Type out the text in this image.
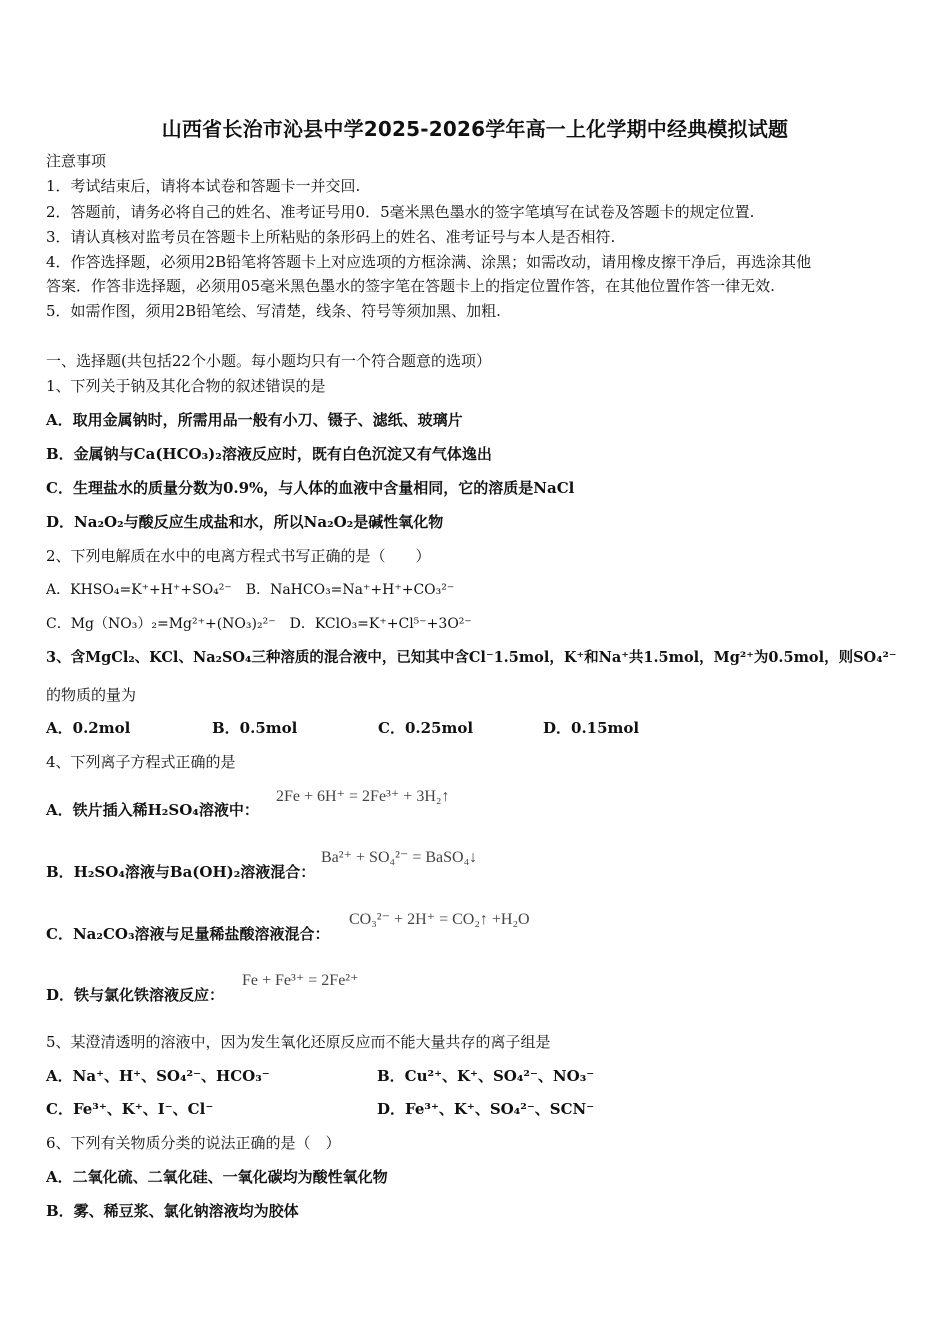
山西省长治市沁县中学2025-2026学年高一上化学期中经典模拟试题
注意事项
1．考试结束后，请将本试卷和答题卡一并交回.
2．答题前，请务必将自己的姓名、准考证号用0．5毫米黑色墨水的签字笔填写在试卷及答题卡的规定位置.
3．请认真核对监考员在答题卡上所粘贴的条形码上的姓名、准考证号与本人是否相符.
4．作答选择题，必须用2B铅笔将答题卡上对应选项的方框涂满、涂黑；如需改动，请用橡皮擦干净后，再选涂其他
答案．作答非选择题，必须用05毫米黑色墨水的签字笔在答题卡上的指定位置作答，在其他位置作答一律无效.
5．如需作图，须用2B铅笔绘、写清楚，线条、符号等须加黑、加粗.
一、选择题(共包括22个小题。每小题均只有一个符合题意的选项）
1、下列关于钠及其化合物的叙述错误的是
A．取用金属钠时，所需用品一般有小刀、镊子、滤纸、玻璃片
B．金属钠与Ca(HCO₃)₂溶液反应时，既有白色沉淀又有气体逸出
C．生理盐水的质量分数为0.9%，与人体的血液中含量相同，它的溶质是NaCl
D．Na₂O₂与酸反应生成盐和水，所以Na₂O₂是碱性氧化物
2、下列电解质在水中的电离方程式书写正确的是（　　）
A．KHSO₄=K⁺+H⁺+SO₄²⁻　B．NaHCO₃=Na⁺+H⁺+CO₃²⁻
C．Mg（NO₃）₂=Mg²⁺+(NO₃)₂²⁻　D．KClO₃=K⁺+Cl⁵⁻+3O²⁻
3、含MgCl₂、KCl、Na₂SO₄三种溶质的混合液中，已知其中含Cl⁻1.5mol，K⁺和Na⁺共1.5mol，Mg²⁺为0.5mol，则SO₄²⁻
的物质的量为
A．0.2mol	B．0.5mol	C．0.25mol	D．0.15mol
4、下列离子方程式正确的是
A．铁片插入稀H₂SO₄溶液中：
2Fe + 6H⁺ = 2Fe³⁺ + 3H₂↑
B．H₂SO₄溶液与Ba(OH)₂溶液混合：
Ba²⁺ + SO₄²⁻ = BaSO₄↓
C．Na₂CO₃溶液与足量稀盐酸溶液混合：
CO₃²⁻ + 2H⁺ = CO₂↑ +H₂O
D．铁与氯化铁溶液反应：
Fe + Fe³⁺ = 2Fe²⁺
5、某澄清透明的溶液中，因为发生氧化还原反应而不能大量共存的离子组是
A．Na⁺、H⁺、SO₄²⁻、HCO₃⁻	B．Cu²⁺、K⁺、SO₄²⁻、NO₃⁻
C．Fe³⁺、K⁺、I⁻、Cl⁻	D．Fe³⁺、K⁺、SO₄²⁻、SCN⁻
6、下列有关物质分类的说法正确的是（　）
A．二氧化硫、二氧化硅、一氧化碳均为酸性氧化物
B．雾、稀豆浆、氯化钠溶液均为胶体
